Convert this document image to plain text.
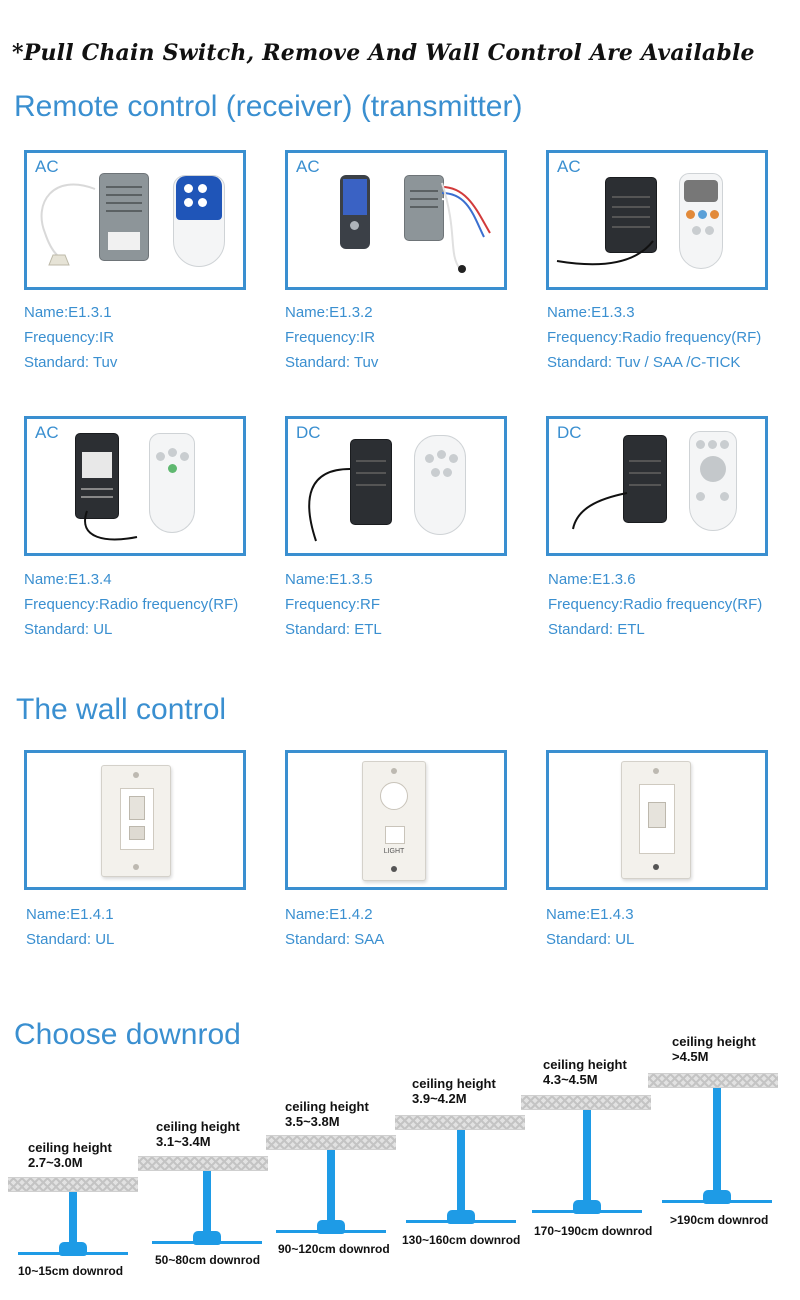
*Pull Chain Switch, Remove And Wall Control Are Available
Remote control (receiver) (transmitter)
AC
Name:E1.3.1
Frequency:IR
Standard: Tuv
AC
Name:E1.3.2
Frequency:IR
Standard: Tuv
AC
Name:E1.3.3
Frequency:Radio frequency(RF)
Standard: Tuv / SAA /C-TICK
AC
Name:E1.3.4
Frequency:Radio frequency(RF)
Standard: UL
DC
Name:E1.3.5
Frequency:RF
Standard: ETL
DC
Name:E1.3.6
Frequency:Radio frequency(RF)
Standard: ETL
The wall control
Name:E1.4.1
Standard: UL
LIGHT
Name:E1.4.2
Standard: SAA
Name:E1.4.3
Standard: UL
Choose downrod
ceiling height
2.7~3.0M
10~15cm downrod
ceiling height
3.1~3.4M
50~80cm downrod
ceiling height
3.5~3.8M
90~120cm downrod
ceiling height
3.9~4.2M
130~160cm downrod
ceiling height
4.3~4.5M
170~190cm downrod
ceiling height
>4.5M
>190cm downrod
